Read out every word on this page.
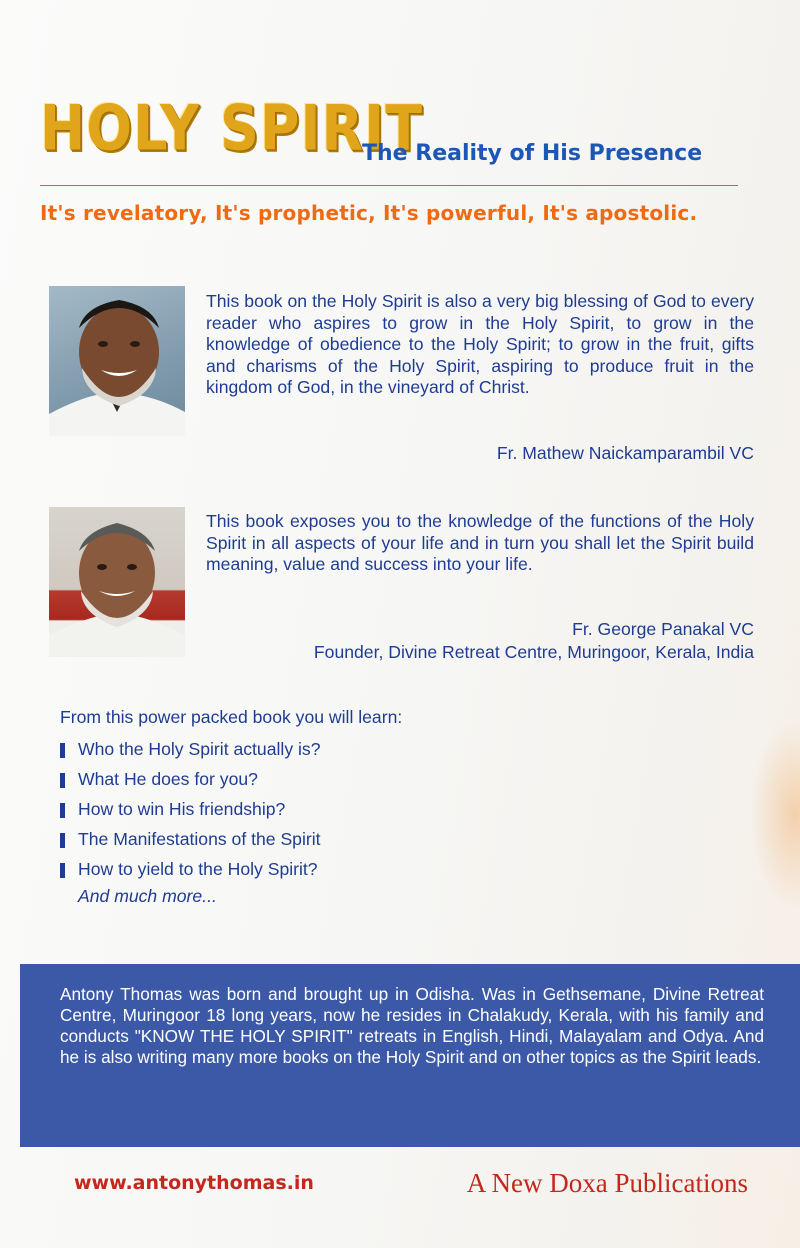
HOLY SPIRIT
The Reality of His Presence
It's revelatory, It's prophetic, It's powerful, It's apostolic.
This book on the Holy Spirit is also a very big blessing of God to every reader who aspires to grow in the Holy Spirit, to grow in the knowledge of obedience to the Holy Spirit; to grow in the fruit, gifts and charisms of the Holy Spirit, aspiring to produce fruit in the kingdom of God, in the vineyard of Christ.
Fr. Mathew Naickamparambil VC
This book exposes you to the knowledge of the functions of the Holy Spirit in all aspects of your life and in turn you shall let the Spirit build meaning, value and success into your life.
Fr. George Panakal VC
Founder, Divine Retreat Centre, Muringoor, Kerala, India
From this power packed book you will learn:
Who the Holy Spirit actually is?
What He does for you?
How to win His friendship?
The Manifestations of the Spirit
How to yield to the Holy Spirit?
And much more...
Antony Thomas was born and brought up in Odisha. Was in Gethsemane, Divine Retreat Centre, Muringoor 18 long years, now he resides in Chalakudy, Kerala, with his family and conducts "KNOW THE HOLY SPIRIT" retreats in English, Hindi, Malayalam and Odya. And he is also writing many more books on the Holy Spirit and on other topics as the Spirit leads.
www.antonythomas.in	A New Doxa Publications
